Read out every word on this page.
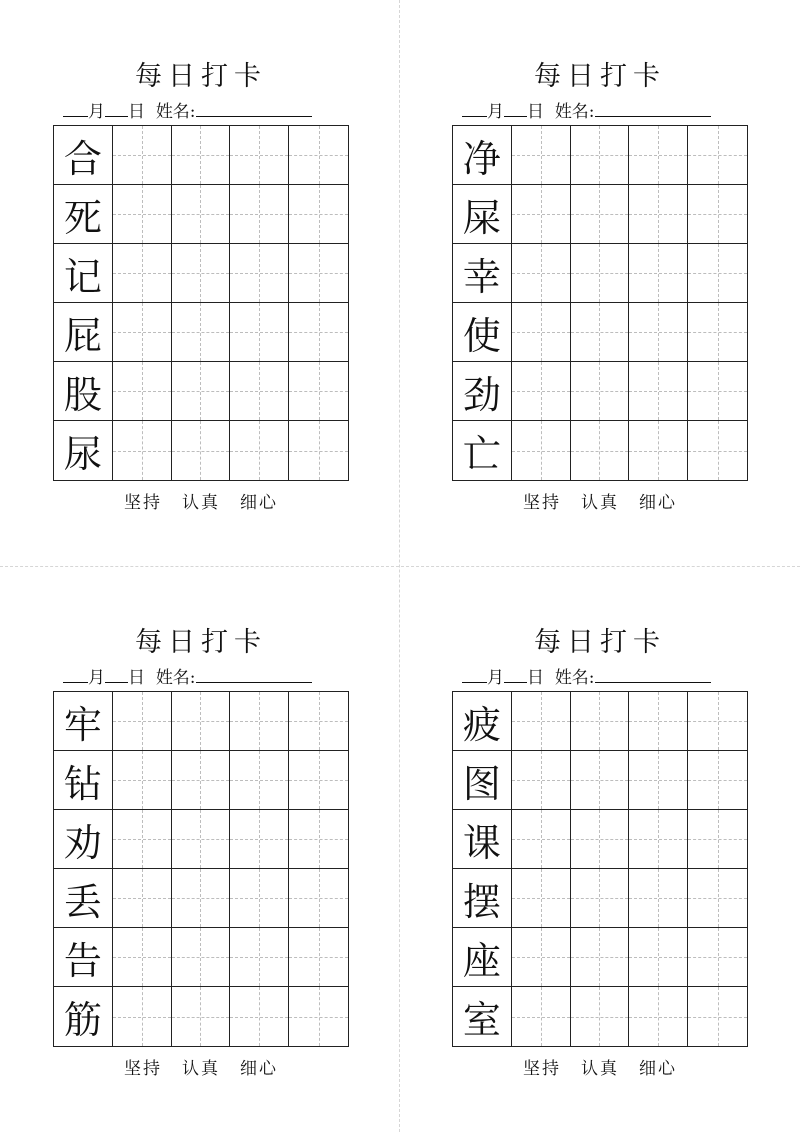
每日打卡
月 日 姓名:
合
死
记
屁
股
尿
坚持 认真 细心
每日打卡
月 日 姓名:
净
屎
幸
使
劲
亡
坚持 认真 细心
每日打卡
月 日 姓名:
牢
钻
劝
丢
告
筋
坚持 认真 细心
每日打卡
月 日 姓名:
疲
图
课
摆
座
室
坚持 认真 细心
